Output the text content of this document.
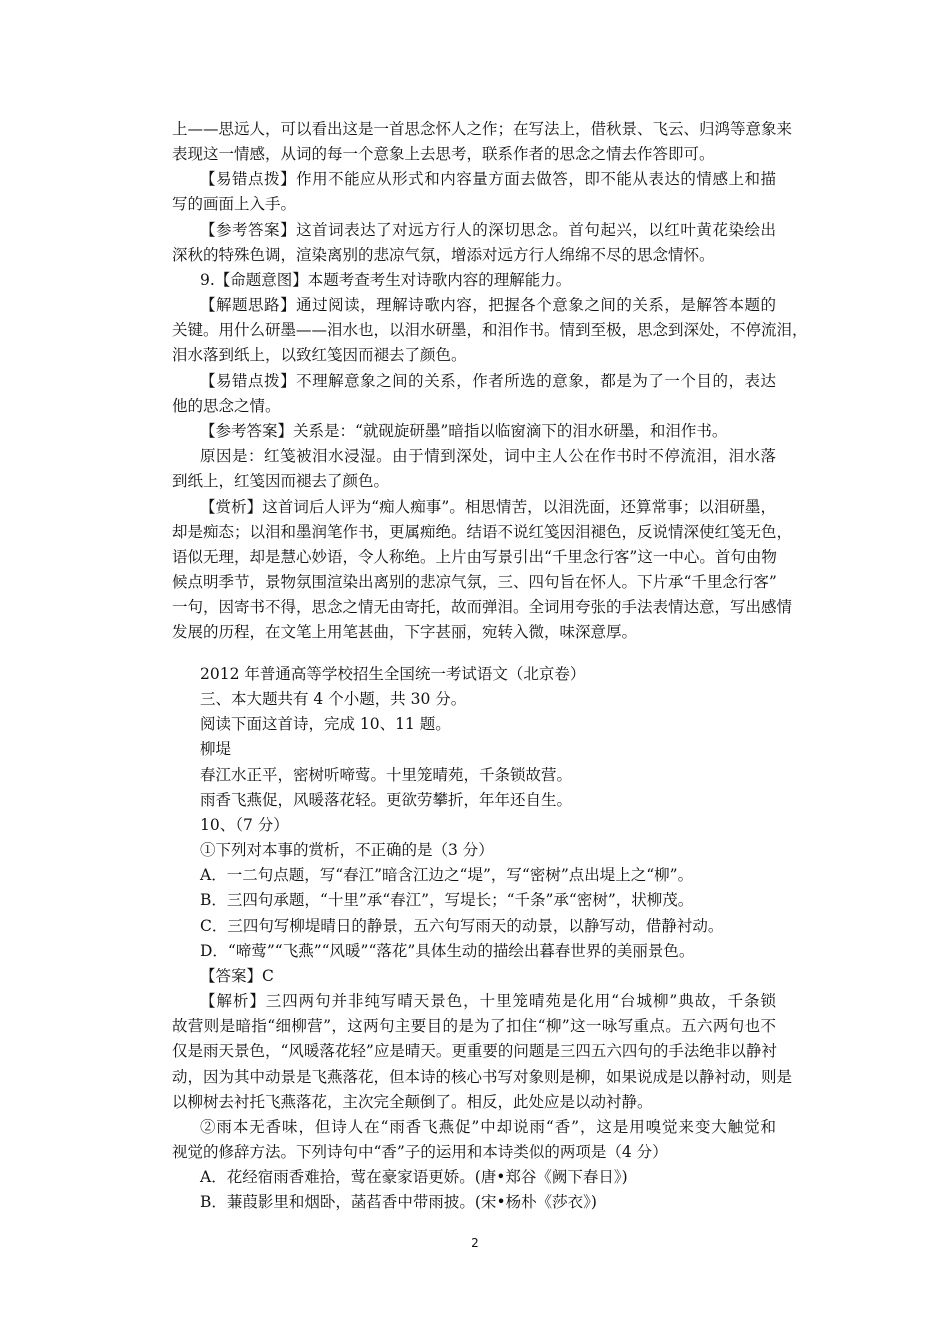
上——思远人，可以看出这是一首思念怀人之作；在写法上，借秋景、飞云、归鸿等意象来
表现这一情感，从词的每一个意象上去思考，联系作者的思念之情去作答即可。
【易错点拨】作用不能应从形式和内容量方面去做答，即不能从表达的情感上和描
写的画面上入手。
【参考答案】这首词表达了对远方行人的深切思念。首句起兴，以红叶黄花染绘出
深秋的特殊色调，渲染离别的悲凉气氛，增添对远方行人绵绵不尽的思念情怀。
9.【命题意图】本题考查考生对诗歌内容的理解能力。
【解题思路】通过阅读，理解诗歌内容，把握各个意象之间的关系，是解答本题的
关键。用什么研墨——泪水也，以泪水研墨，和泪作书。情到至极，思念到深处，不停流泪，
泪水落到纸上，以致红笺因而褪去了颜色。
【易错点拨】不理解意象之间的关系，作者所选的意象，都是为了一个目的，表达
他的思念之情。
【参考答案】关系是：“就砚旋研墨”暗指以临窗滴下的泪水研墨，和泪作书。
原因是：红笺被泪水浸湿。由于情到深处，词中主人公在作书时不停流泪，泪水落
到纸上，红笺因而褪去了颜色。
【赏析】这首词后人评为“痴人痴事”。相思情苦，以泪洗面，还算常事；以泪研墨，
却是痴态；以泪和墨润笔作书，更属痴绝。结语不说红笺因泪褪色，反说情深使红笺无色，
语似无理，却是慧心妙语，令人称绝。上片由写景引出“千里念行客”这一中心。首句由物
候点明季节，景物氛围渲染出离别的悲凉气氛，三、四句旨在怀人。下片承“千里念行客”
一句，因寄书不得，思念之情无由寄托，故而弹泪。全词用夸张的手法表情达意，写出感情
发展的历程，在文笔上用笔甚曲，下字甚丽，宛转入微，味深意厚。
2012 年普通高等学校招生全国统一考试语文（北京卷）
三、本大题共有 4 个小题，共 30 分。
阅读下面这首诗，完成 10、11 题。
柳堤
春江水正平，密树听啼莺。十里笼晴苑，千条锁故营。
雨香飞燕促，风暖落花轻。更欲劳攀折，年年还自生。
10、（7 分）
①下列对本事的赏析，不正确的是（3 分）
A．一二句点题，写“春江”暗含江边之“堤”，写“密树”点出堤上之“柳”。
B．三四句承题，“十里”承“春江”，写堤长；“千条”承“密树”，状柳茂。
C．三四句写柳堤晴日的静景，五六句写雨天的动景，以静写动，借静衬动。
D．“啼莺”“飞燕”“风暖”“落花”具体生动的描绘出暮春世界的美丽景色。
【答案】C
【解析】三四两句并非纯写晴天景色，十里笼晴苑是化用“台城柳”典故，千条锁
故营则是暗指“细柳营”，这两句主要目的是为了扣住“柳”这一咏写重点。五六两句也不
仅是雨天景色，“风暖落花轻”应是晴天。更重要的问题是三四五六四句的手法绝非以静衬
动，因为其中动景是飞燕落花，但本诗的核心书写对象则是柳，如果说成是以静衬动，则是
以柳树去衬托飞燕落花，主次完全颠倒了。相反，此处应是以动衬静。
②雨本无香味，但诗人在“雨香飞燕促”中却说雨“香”，这是用嗅觉来变大触觉和
视觉的修辞方法。下列诗句中“香”子的运用和本诗类似的两项是（4 分）
A．花经宿雨香难拾，莺在豪家语更娇。(唐•郑谷《阙下春日》)
B．蒹葭影里和烟卧，菡萏香中带雨披。(宋•杨朴《莎衣》)
2
